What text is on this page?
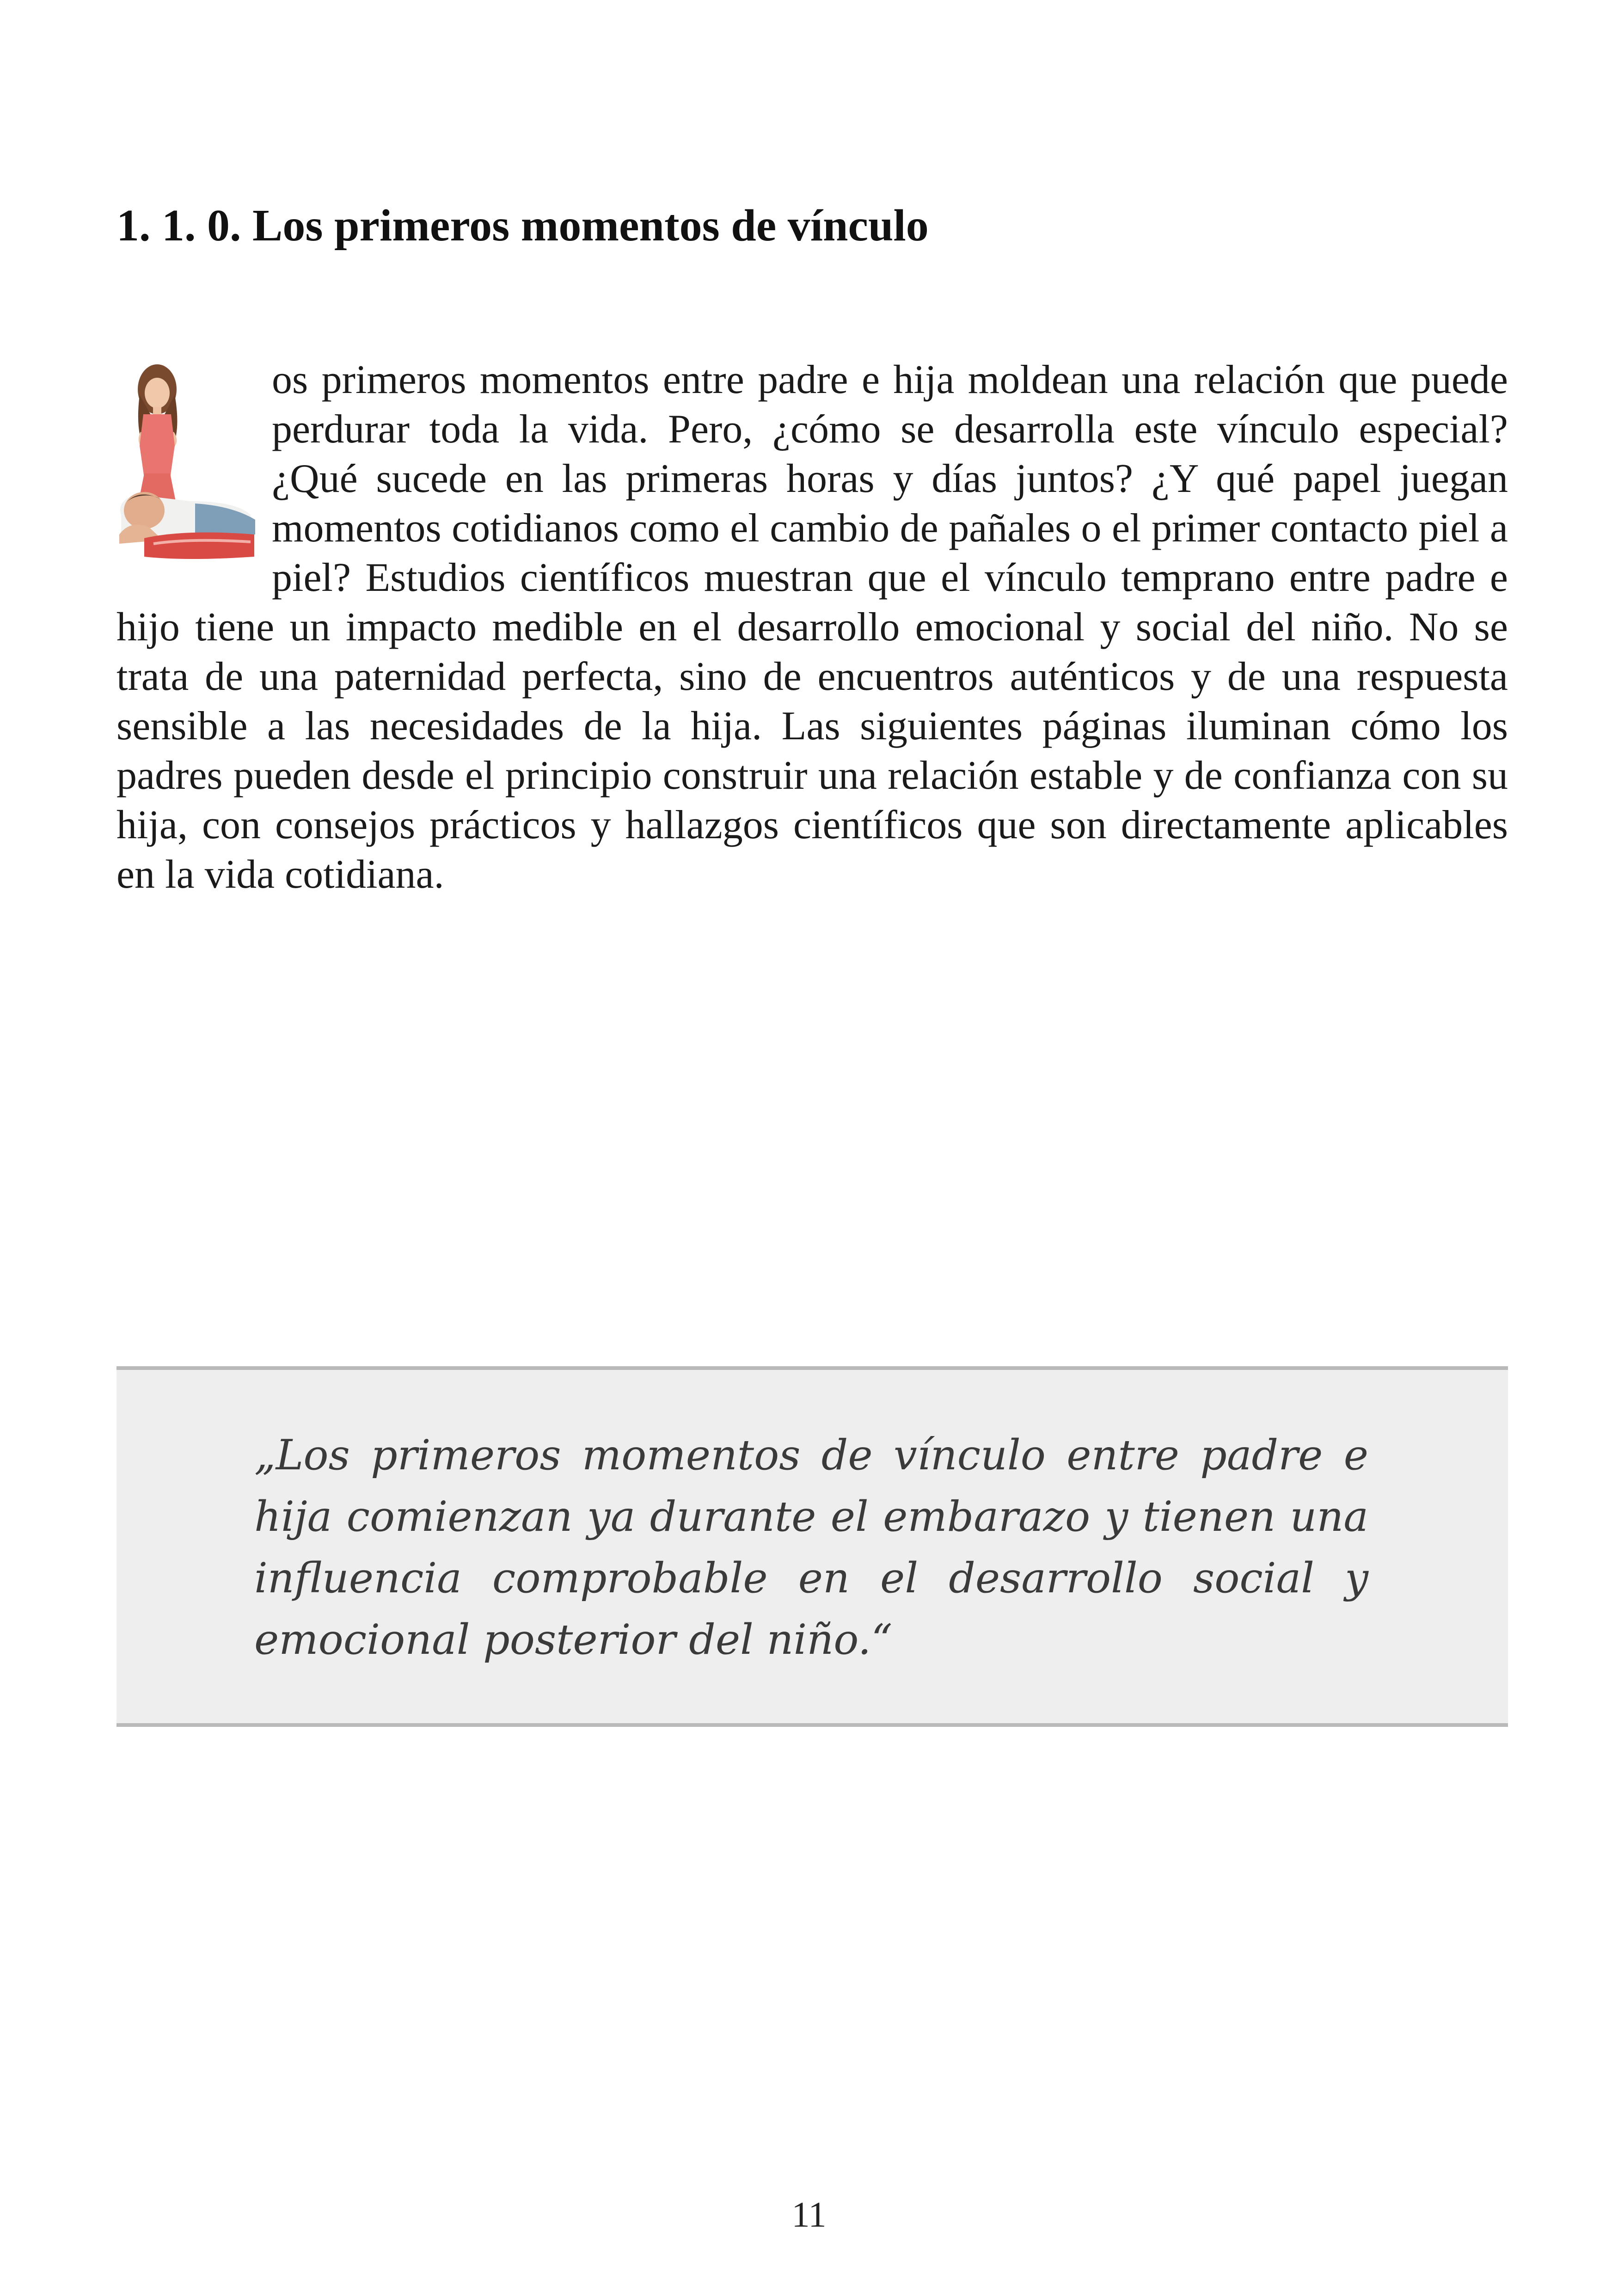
1. 1. 0. Los primeros momentos de vínculo

os primeros momentos entre padre e hija moldean una relación que puede perdurar toda la vida. Pero, ¿cómo se desarrolla este vínculo especial? ¿Qué sucede en las primeras horas y días juntos? ¿Y qué papel juegan momentos cotidianos como el cambio de pañales o el primer contacto piel a piel? Estudios científicos muestran que el vínculo temprano entre padre e hijo tiene un impacto medible en el desarrollo emocional y social del niño. No se trata de una paternidad perfecta, sino de encuentros auténticos y de una respuesta sensible a las necesidades de la hija. Las siguientes páginas iluminan cómo los padres pueden desde el principio construir una relación estable y de confianza con su hija, con consejos prácticos y hallazgos científicos que son directamente aplicables en la vida cotidiana.

„Los primeros momentos de vínculo entre padre e hija comienzan ya durante el embarazo y tienen una influencia comprobable en el desarrollo social y emocional posterior del niño.“

11
